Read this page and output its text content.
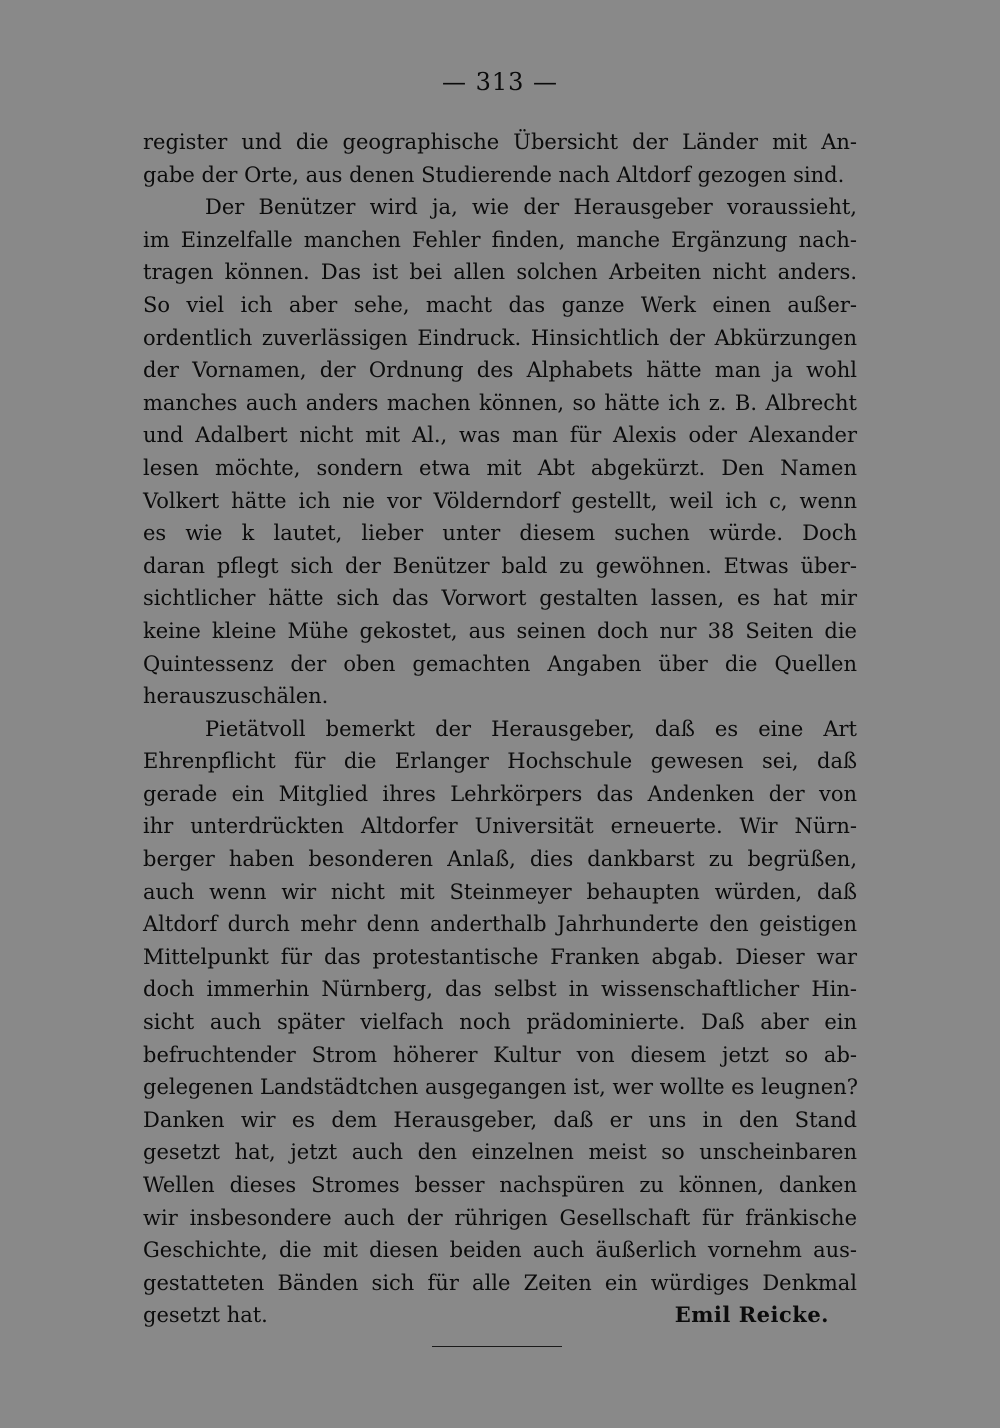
— 313 —
register und die geographische Übersicht der Länder mit An-
gabe der Orte, aus denen Studierende nach Altdorf gezogen sind.
Der Benützer wird ja, wie der Herausgeber voraussieht,
im Einzelfalle manchen Fehler finden, manche Ergänzung nach-
tragen können. Das ist bei allen solchen Arbeiten nicht anders.
So viel ich aber sehe, macht das ganze Werk einen außer-
ordentlich zuverlässigen Eindruck. Hinsichtlich der Abkürzungen
der Vornamen, der Ordnung des Alphabets hätte man ja wohl
manches auch anders machen können, so hätte ich z. B. Albrecht
und Adalbert nicht mit Al., was man für Alexis oder Alexander
lesen möchte, sondern etwa mit Abt abgekürzt. Den Namen
Volkert hätte ich nie vor Völderndorf gestellt, weil ich c, wenn
es wie k lautet, lieber unter diesem suchen würde. Doch
daran pflegt sich der Benützer bald zu gewöhnen. Etwas über-
sichtlicher hätte sich das Vorwort gestalten lassen, es hat mir
keine kleine Mühe gekostet, aus seinen doch nur 38 Seiten die
Quintessenz der oben gemachten Angaben über die Quellen
herauszuschälen.
Pietätvoll bemerkt der Herausgeber, daß es eine Art
Ehrenpflicht für die Erlanger Hochschule gewesen sei, daß
gerade ein Mitglied ihres Lehrkörpers das Andenken der von
ihr unterdrückten Altdorfer Universität erneuerte. Wir Nürn-
berger haben besonderen Anlaß, dies dankbarst zu begrüßen,
auch wenn wir nicht mit Steinmeyer behaupten würden, daß
Altdorf durch mehr denn anderthalb Jahrhunderte den geistigen
Mittelpunkt für das protestantische Franken abgab. Dieser war
doch immerhin Nürnberg, das selbst in wissenschaftlicher Hin-
sicht auch später vielfach noch prädominierte. Daß aber ein
befruchtender Strom höherer Kultur von diesem jetzt so ab-
gelegenen Landstädtchen ausgegangen ist, wer wollte es leugnen?
Danken wir es dem Herausgeber, daß er uns in den Stand
gesetzt hat, jetzt auch den einzelnen meist so unscheinbaren
Wellen dieses Stromes besser nachspüren zu können, danken
wir insbesondere auch der rührigen Gesellschaft für fränkische
Geschichte, die mit diesen beiden auch äußerlich vornehm aus-
gestatteten Bänden sich für alle Zeiten ein würdiges Denkmal
gesetzt hat.	Emil Reicke.
